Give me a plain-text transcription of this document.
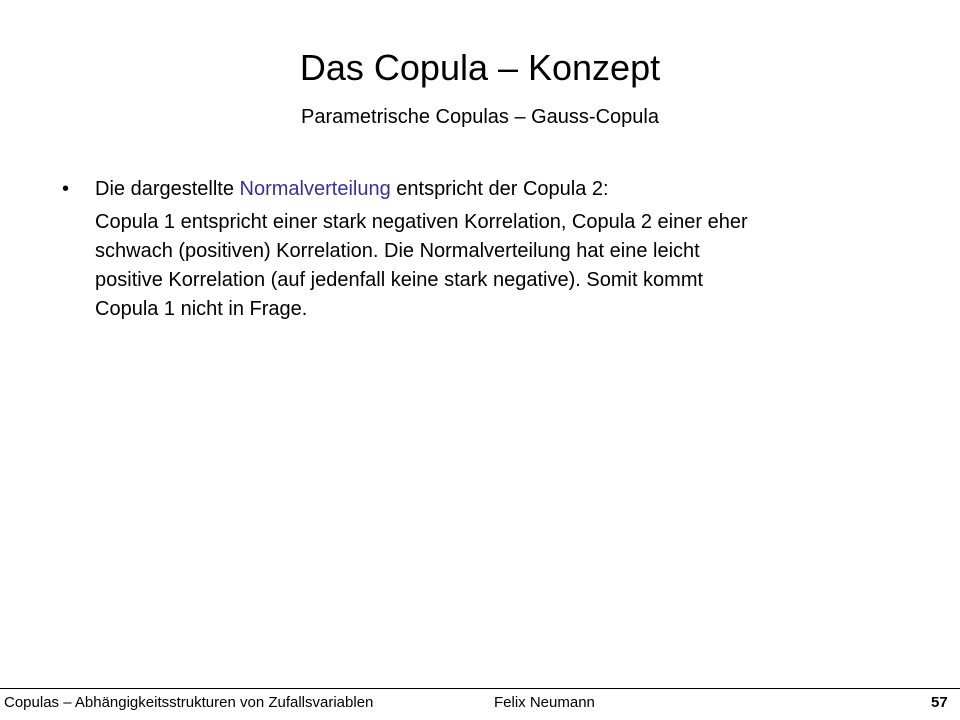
Das Copula – Konzept
Parametrische Copulas – Gauss-Copula
•	Die dargestellte Normalverteilung entspricht der Copula 2:
Copula 1 entspricht einer stark negativen Korrelation, Copula 2 einer eher
schwach (positiven) Korrelation. Die Normalverteilung hat eine leicht
positive Korrelation (auf jedenfall keine stark negative). Somit kommt
Copula 1 nicht in Frage.
Copulas – Abhängigkeitsstrukturen von Zufallsvariablen	Felix Neumann	57
